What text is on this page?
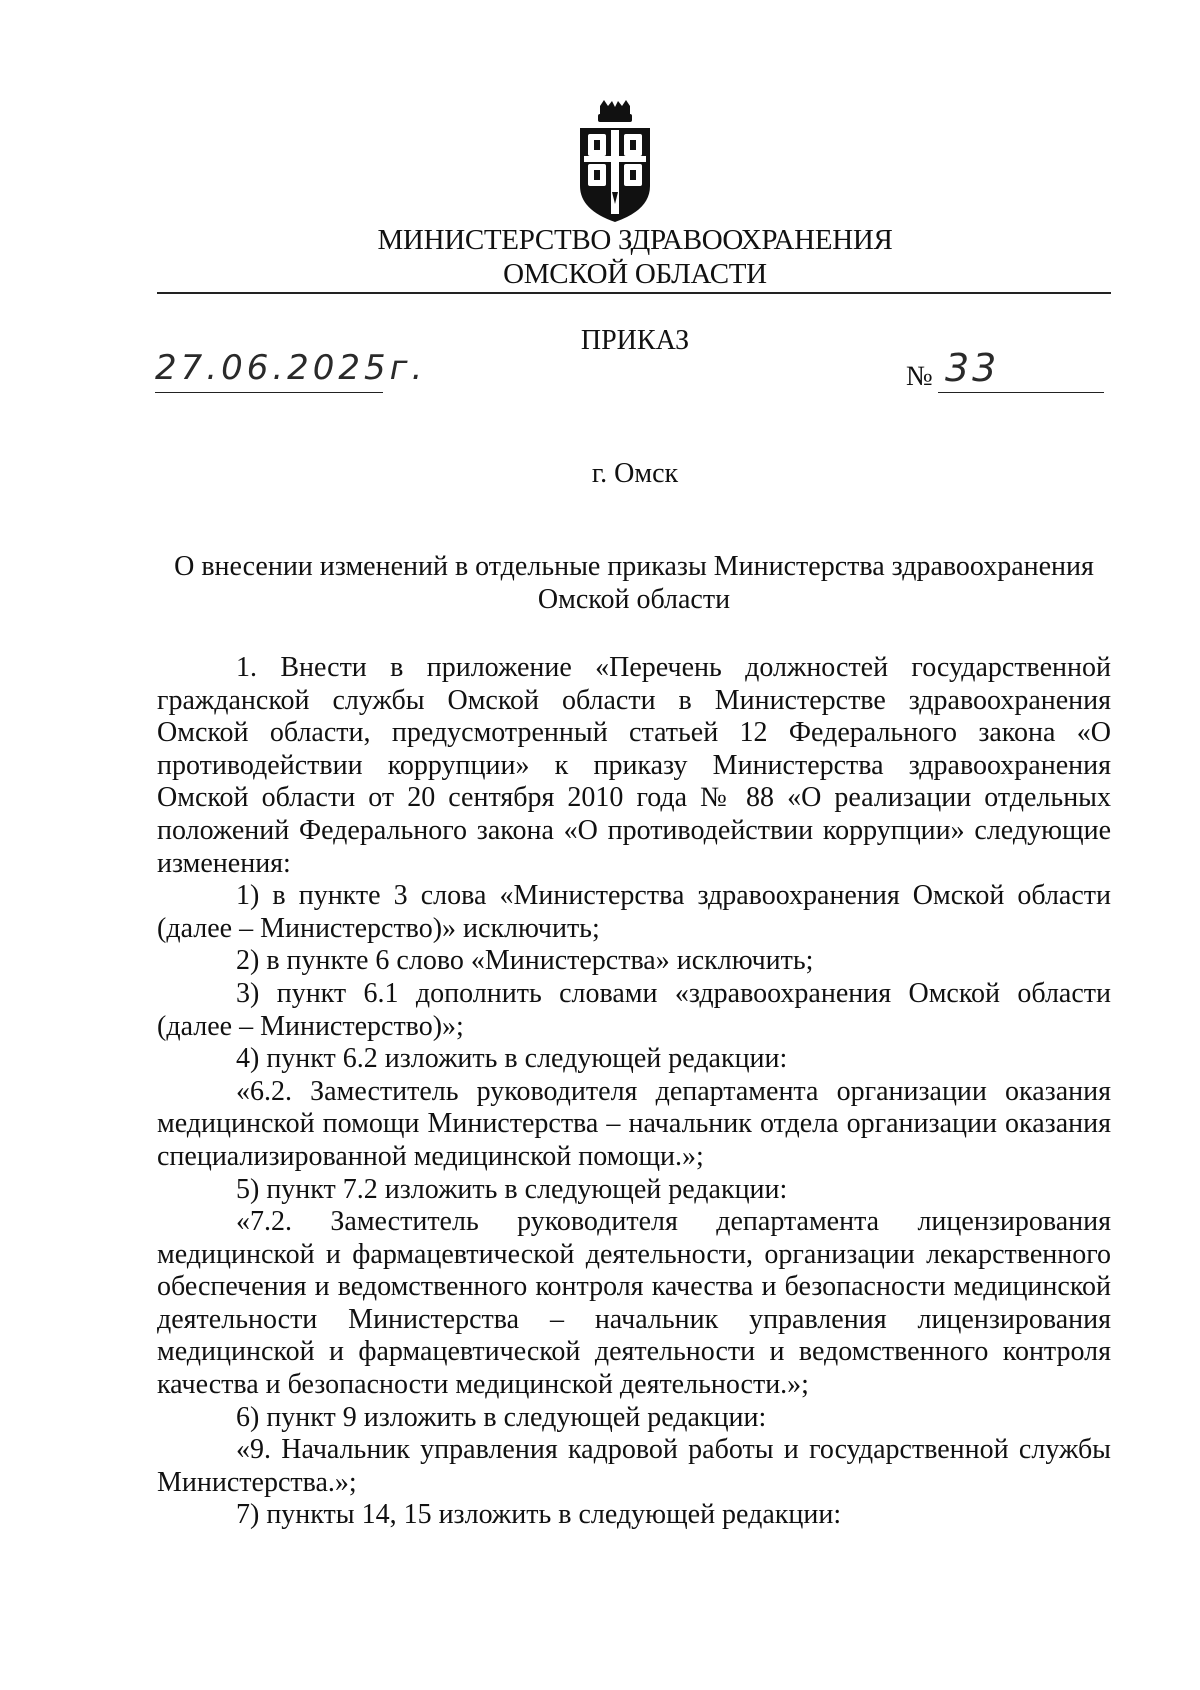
МИНИСТЕРСТВО ЗДРАВООХРАНЕНИЯ
ОМСКОЙ ОБЛАСТИ
ПРИКАЗ
27.06.2025г.	№ 33
г. Омск
О внесении изменений в отдельные приказы Министерства здравоохранения Омской области

1. Внести в приложение «Перечень должностей государственной гражданской службы Омской области в Министерстве здравоохранения Омской области, предусмотренный статьей 12 Федерального закона «О противодействии коррупции» к приказу Министерства здравоохранения Омской области от 20 сентября 2010 года № 88 «О реализации отдельных положений Федерального закона «О противодействии коррупции» следующие изменения:

1) в пункте 3 слова «Министерства здравоохранения Омской области (далее – Министерство)» исключить;

2) в пункте 6 слово «Министерства» исключить;

3) пункт 6.1 дополнить словами «здравоохранения Омской области (далее – Министерство)»;

4) пункт 6.2 изложить в следующей редакции:

«6.2. Заместитель руководителя департамента организации оказания медицинской помощи Министерства – начальник отдела организации оказания специализированной медицинской помощи.»;

5) пункт 7.2 изложить в следующей редакции:

«7.2. Заместитель руководителя департамента лицензирования медицинской и фармацевтической деятельности, организации лекарственного обеспечения и ведомственного контроля качества и безопасности медицинской деятельности Министерства – начальник управления лицензирования медицинской и фармацевтической деятельности и ведомственного контроля качества и безопасности медицинской деятельности.»;

6) пункт 9 изложить в следующей редакции:

«9. Начальник управления кадровой работы и государственной службы Министерства.»;

7) пункты 14, 15 изложить в следующей редакции:
